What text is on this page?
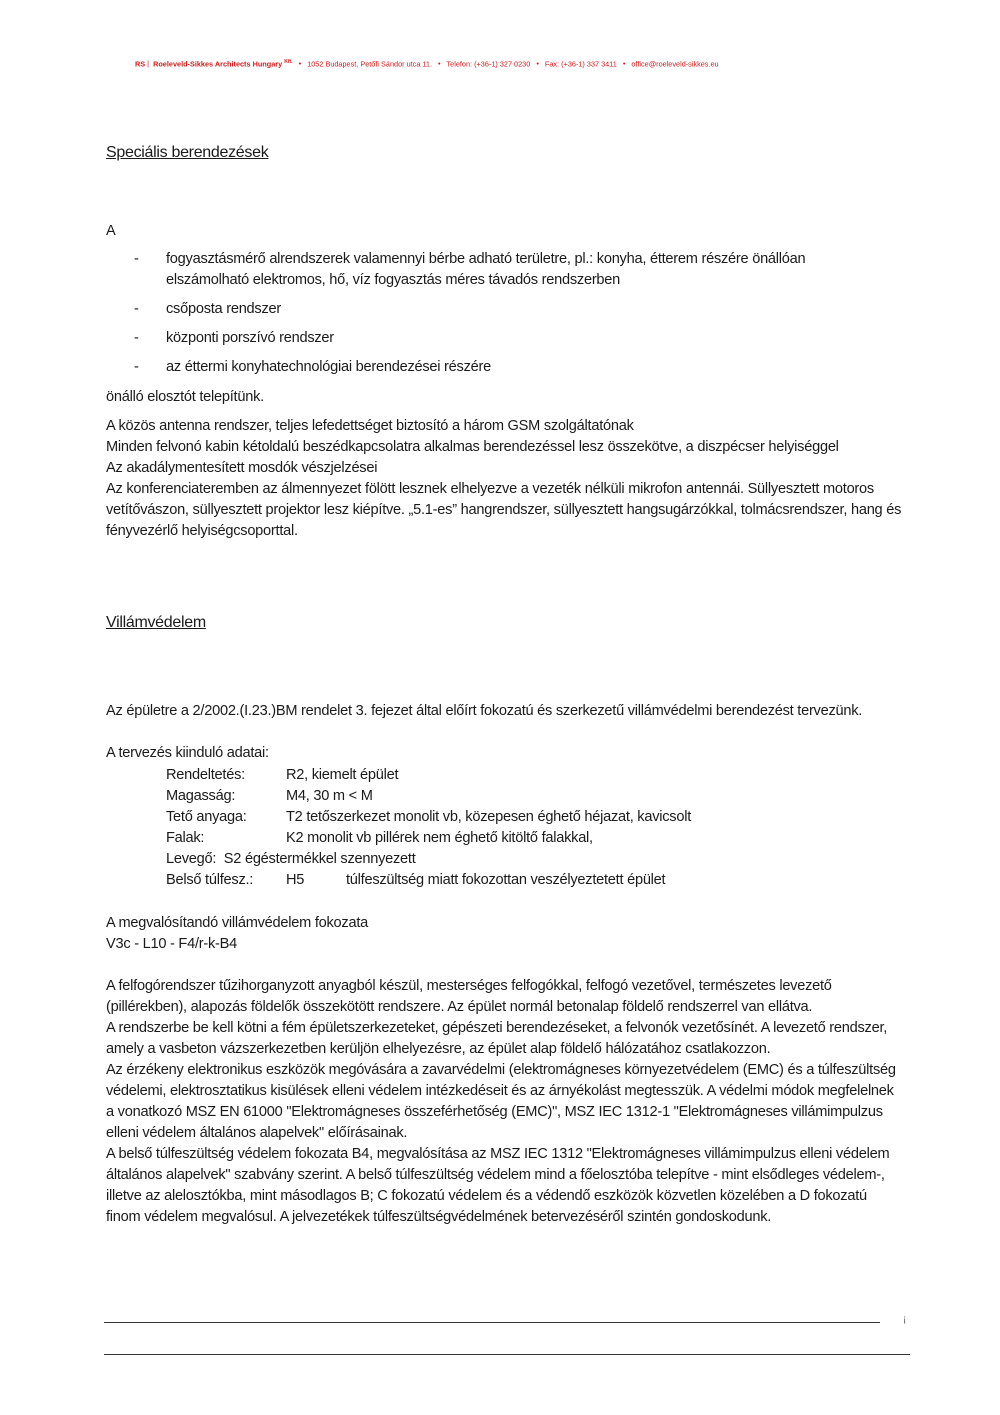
RS | Roeleveld-Sikkes Architects Hungary $^{Kft.}$ • 1052 Budapest, Petőfi Sándor utca 11. • Telefon: (+36-1) 327 0230 • Fax: (+36-1) 337 3411 • office@roeleveld-sikkes.eu
Speciális berendezések
A
- fogyasztásmérő alrendszerek valamennyi bérbe adható területre, pl.: konyha, étterem részére önállóan elszámolható elektromos, hő, víz fogyasztás méres távadós rendszerben
- csőposta rendszer
- központi porszívó rendszer
- az éttermi konyhatechnológiai berendezései részére
önálló elosztót telepítünk.
A közös antenna rendszer, teljes lefedettséget biztosító a három GSM szolgáltatónak
Minden felvonó kabin kétoldalú beszédkapcsolatra alkalmas berendezéssel lesz összekötve, a diszpécser helyiséggel
Az akadálymentesített mosdók vészjelzései
Az konferenciateremben az álmennyezet fölött lesznek elhelyezve a vezeték nélküli mikrofon antennái. Süllyesztett motoros vetítővászon, süllyesztett projektor lesz kiépítve. „5.1-es” hangrendszer, süllyesztett hangsugárzókkal, tolmácsrendszer, hang és fényvezérlő helyiségcsoporttal.
Villámvédelem
Az épületre a 2/2002.(I.23.)BM rendelet 3. fejezet által előírt fokozatú és szerkezetű villámvédelmi berendezést tervezünk.
A tervezés kiinduló adatai:
Rendeltetés:	R2, kiemelt épület
Magasság:	M4, 30 m < M
Tető anyaga:	T2 tetőszerkezet monolit vb, közepesen éghető héjazat, kavicsolt
Falak:	K2 monolit vb pillérek nem éghető kitöltő falakkal,
Levegő:  S2 égéstermékkel szennyezett
Belső túlfesz.:	H5	túlfeszültség miatt fokozottan veszélyeztetett épület
A megvalósítandó villámvédelem fokozata
V3c - L10 - F4/r-k-B4
A felfogórendszer tűzihorganyzott anyagból készül, mesterséges felfogókkal, felfogó vezetővel, természetes levezető (pillérekben), alapozás földelők összekötött rendszere. Az épület normál betonalap földelő rendszerrel van ellátva.
A rendszerbe be kell kötni a fém épületszerkezeteket, gépészeti berendezéseket, a felvonók vezetősínét. A levezető rendszer, amely a vasbeton vázszerkezetben kerüljön elhelyezésre, az épület alap földelő hálózatához csatlakozzon.
Az érzékeny elektronikus eszközök megóvására a zavarvédelmi (elektromágneses környezetvédelem (EMC) és a túlfeszültség védelemi, elektrosztatikus kisülések elleni védelem intézkedéseit és az árnyékolást megtesszük. A védelmi módok megfelelnek a vonatkozó MSZ EN 61000 "Elektromágneses összeférhetőség (EMC)", MSZ IEC 1312-1 "Elektromágneses villámimpulzus elleni védelem általános alapelvek" előírásainak.
A belső túlfeszültség védelem fokozata B4, megvalósítása az MSZ IEC 1312 "Elektromágneses villámimpulzus elleni védelem általános alapelvek" szabvány szerint. A belső túlfeszültség védelem mind a főelosztóba telepítve - mint elsődleges védelem-, illetve az alelosztókba, mint másodlagos B; C fokozatú védelem és a védendő eszközök közvetlen közelében a D fokozatú finom védelem megvalósul. A jelvezetékek túlfeszültségvédelmének betervezéséről szintén gondoskodunk.
¡
